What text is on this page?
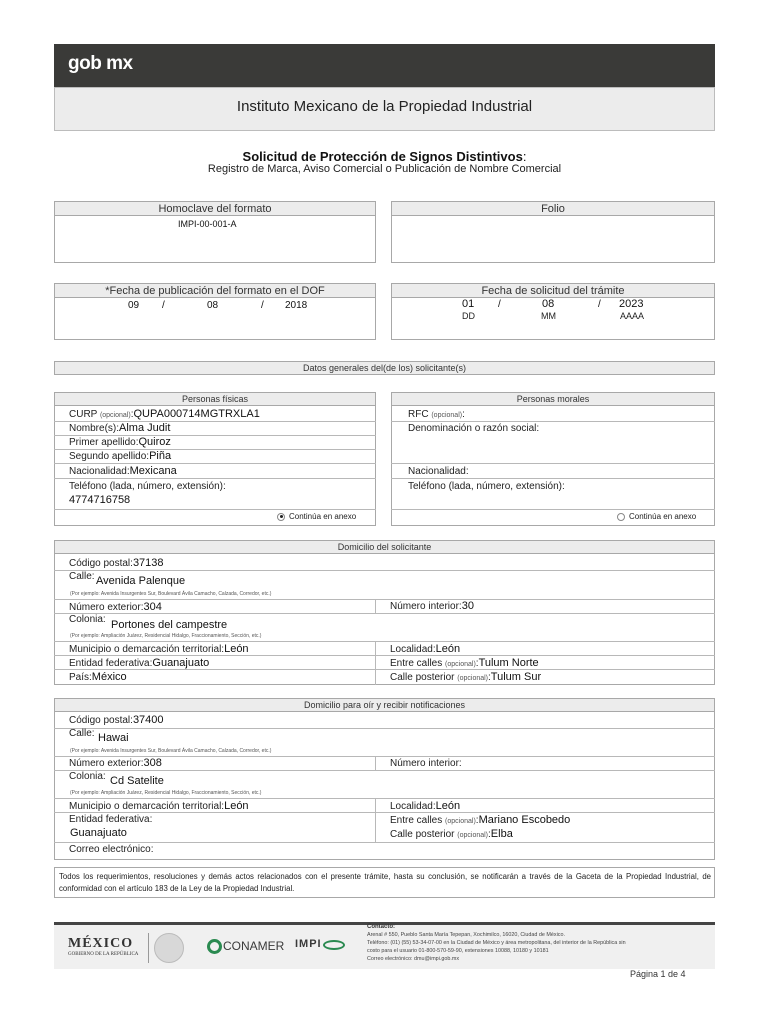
gob mx
Instituto Mexicano de la Propiedad Industrial
Solicitud de Protección de Signos Distintivos:
Registro de Marca, Aviso Comercial o Publicación de Nombre Comercial
Homoclave del formato
IMPI-00-001-A
Folio
*Fecha de publicación del formato en el DOF
09 /	08	/ 2018
Fecha de solicitud del trámite
01 /	08	/ 2023
DD	MM	AAAA
Datos generales del(de los) solicitante(s)
Personas físicas
CURP (opcional):QUPA000714MGTRXLA1
Nombre(s):Alma Judit
Primer apellido:Quiroz
Segundo apellido:Piña
Nacionalidad:Mexicana
Teléfono (lada, número, extensión):
4774716758
Continúa en anexo
Personas morales
RFC (opcional):
Denominación o razón social:
Nacionalidad:
Teléfono (lada, número, extensión):
Continúa en anexo
Domicilio del solicitante
Código postal:37138
Calle: Avenida Palenque
(Por ejemplo: Avenida Insurgentes Sur, Boulevard Ávila Camacho, Calzada, Corredor, etc.)
Número exterior:304	Número interior:30
Colonia: Portones del campestre
(Por ejemplo: Ampliación Juárez, Residencial Hidalgo, Fraccionamiento, Sección, etc.)
Municipio o demarcación territorial:León	Localidad:León
Entidad federativa:Guanajuato	Entre calles (opcional):Tulum Norte
País:México	Calle posterior (opcional):Tulum Sur
Domicilio para oír y recibir notificaciones
Código postal:37400
Calle: Hawai
(Por ejemplo: Avenida Insurgentes Sur, Boulevard Ávila Camacho, Calzada, Corredor, etc.)
Número exterior:308	Número interior:
Colonia: Cd Satelite
(Por ejemplo: Ampliación Juárez, Residencial Hidalgo, Fraccionamiento, Sección, etc.)
Municipio o demarcación territorial:León	Localidad:León
Entidad federativa:
Guanajuato
Entre calles (opcional):Mariano Escobedo
Calle posterior (opcional):Elba
Correo electrónico:
Todos los requerimientos, resoluciones y demás actos relacionados con el presente trámite, hasta su conclusión, se notificarán a través de la Gaceta de la Propiedad Industrial, de conformidad con el artículo 183 de la Ley de la Propiedad Industrial.
MÉXICO
GOBIERNO DE LA REPÚBLICA
CONAMER IMPI
Contacto:
Arenal # 550, Pueblo Santa María Tepepan, Xochimilco, 16020, Ciudad de México.
Teléfono: (01) (55) 53-34-07-00 en la Ciudad de México y área metropolitana, del interior de la República sin
costo para el usuario 01-800-570-59-90, extensiones 10088, 10180 y 10181
Correo electrónico: dmu@impi.gob.mx
Página 1 de 4
